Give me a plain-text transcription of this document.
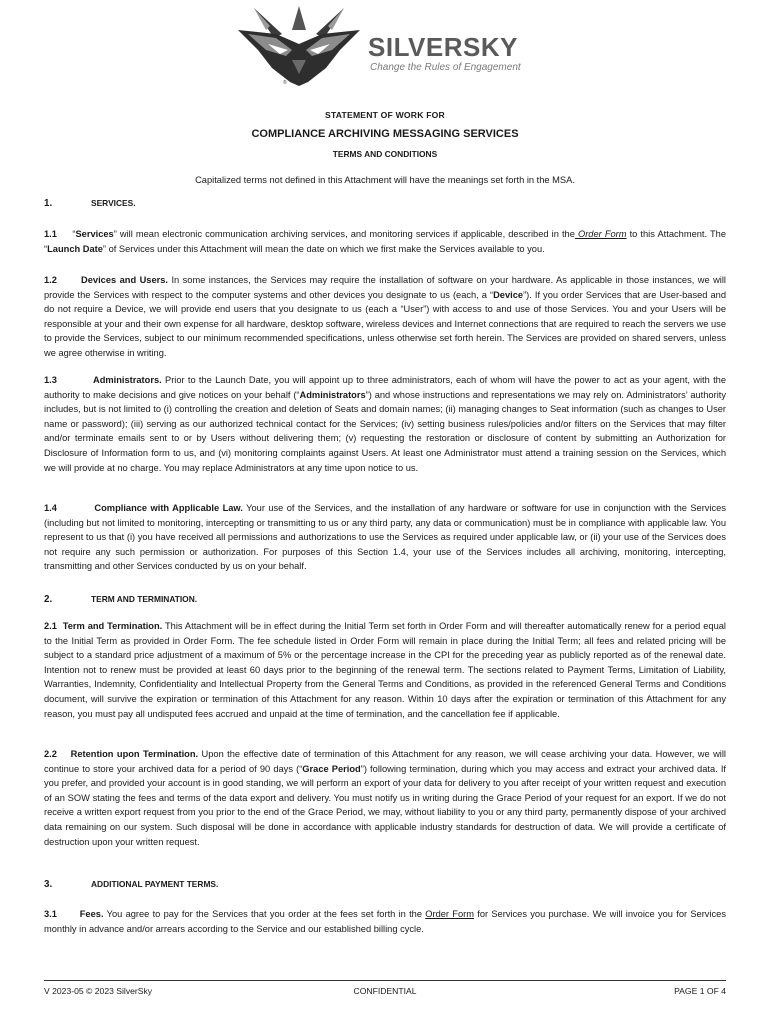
SILVERSKY
Change the Rules of Engagement
®
STATEMENT OF WORK FOR
COMPLIANCE ARCHIVING MESSAGING SERVICES
TERMS AND CONDITIONS
Capitalized terms not defined in this Attachment will have the meanings set forth in the MSA.
1.	SERVICES.
1.1 “Services” will mean electronic communication archiving services, and monitoring services if applicable, described in the Order Form to this Attachment. The “Launch Date” of Services under this Attachment will mean the date on which we first make the Services available to you.
1.2	Devices and Users. In some instances, the Services may require the installation of software on your hardware. As applicable in those instances, we will provide the Services with respect to the computer systems and other devices you designate to us (each, a “Device”). If you order Services that are User-based and do not require a Device, we will provide end users that you designate to us (each a “User”) with access to and use of those Services. You and your Users will be responsible at your and their own expense for all hardware, desktop software, wireless devices and Internet connections that are required to reach the servers we use to provide the Services, subject to our minimum recommended specifications, unless otherwise set forth herein. The Services are provided on shared servers, unless we agree otherwise in writing.
1.3	Administrators. Prior to the Launch Date, you will appoint up to three administrators, each of whom will have the power to act as your agent, with the authority to make decisions and give notices on your behalf (“Administrators”) and whose instructions and representations we may rely on. Administrators’ authority includes, but is not limited to (i) controlling the creation and deletion of Seats and domain names; (ii) managing changes to Seat information (such as changes to User name or password); (iii) serving as our authorized technical contact for the Services; (iv) setting business rules/policies and/or filters on the Services that may filter and/or terminate emails sent to or by Users without delivering them; (v) requesting the restoration or disclosure of content by submitting an Authorization for Disclosure of Information form to us, and (vi) monitoring complaints against Users. At least one Administrator must attend a training session on the Services, which we will provide at no charge. You may replace Administrators at any time upon notice to us.
1.4	Compliance with Applicable Law. Your use of the Services, and the installation of any hardware or software for use in conjunction with the Services (including but not limited to monitoring, intercepting or transmitting to us or any third party, any data or communication) must be in compliance with applicable law. You represent to us that (i) you have received all permissions and authorizations to use the Services as required under applicable law, or (ii) your use of the Services does not require any such permission or authorization. For purposes of this Section 1.4, your use of the Services includes all archiving, monitoring, intercepting, transmitting and other Services conducted by us on your behalf.
2.	TERM AND TERMINATION.
2.1 Term and Termination. This Attachment will be in effect during the Initial Term set forth in Order Form and will thereafter automatically renew for a period equal to the Initial Term as provided in Order Form. The fee schedule listed in Order Form will remain in place during the Initial Term; all fees and related pricing will be subject to a standard price adjustment of a maximum of 5% or the percentage increase in the CPI for the preceding year as publicly reported as of the renewal date. Intention not to renew must be provided at least 60 days prior to the beginning of the renewal term. The sections related to Payment Terms, Limitation of Liability, Warranties, Indemnity, Confidentiality and Intellectual Property from the General Terms and Conditions, as provided in the referenced General Terms and Conditions document, will survive the expiration or termination of this Attachment for any reason. Within 10 days after the expiration or termination of this Attachment for any reason, you must pay all undisputed fees accrued and unpaid at the time of termination, and the cancellation fee if applicable.
2.2 Retention upon Termination. Upon the effective date of termination of this Attachment for any reason, we will cease archiving your data. However, we will continue to store your archived data for a period of 90 days (“Grace Period”) following termination, during which you may access and extract your archived data. If you prefer, and provided your account is in good standing, we will perform an export of your data for delivery to you after receipt of your written request and execution of an SOW stating the fees and terms of the data export and delivery. You must notify us in writing during the Grace Period of your request for an export. If we do not receive a written export request from you prior to the end of the Grace Period, we may, without liability to you or any third party, permanently dispose of your archived data remaining on our system. Such disposal will be done in accordance with applicable industry standards for destruction of data. We will provide a certificate of destruction upon your written request.
3.	ADDITIONAL PAYMENT TERMS.
3.1 Fees. You agree to pay for the Services that you order at the fees set forth in the Order Form for Services you purchase. We will invoice you for Services monthly in advance and/or arrears according to the Service and our established billing cycle.
V 2023-05 © 2023 SilverSky	CONFIDENTIAL	PAGE 1 OF 4
